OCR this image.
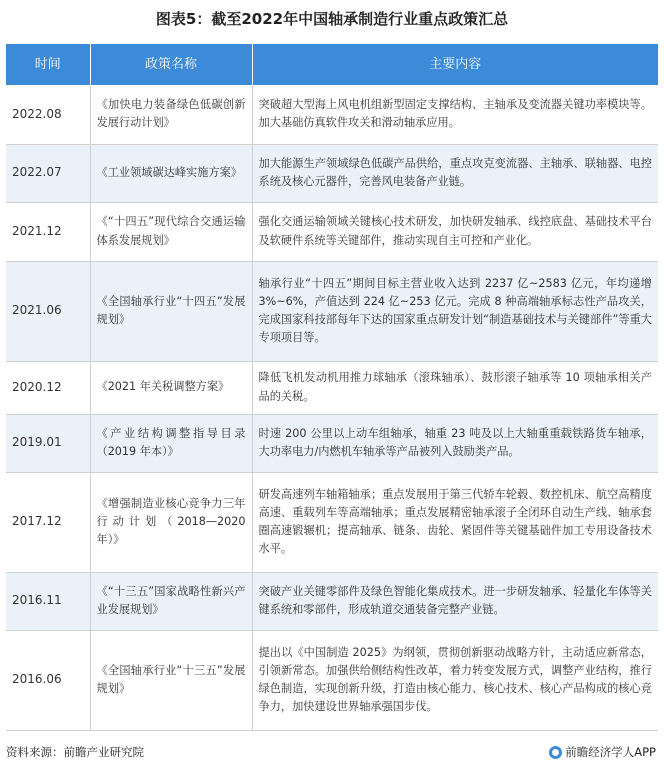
图表5：截至2022年中国轴承制造行业重点政策汇总
时间	政策名称	主要内容
2022.08	《加快电力装备绿色低碳创新发展行动计划》	突破超大型海上风电机组新型固定支撑结构、主轴承及变流器关键功率模块等。加大基础仿真软件攻关和滑动轴承应用。
2022.07	《工业领域碳达峰实施方案》	加大能源生产领域绿色低碳产品供给，重点攻克变流器、主轴承、联轴器、电控系统及核心元器件，完善风电装备产业链。
2021.12	《“十四五”现代综合交通运输体系发展规划》	强化交通运输领域关键核心技术研发，加快研发轴承、线控底盘、基础技术平台及软硬件系统等关键部件，推动实现自主可控和产业化。
2021.06	《全国轴承行业“十四五”发展规划》	轴承行业“十四五”期间目标主营业收入达到 2237 亿~2583 亿元，年均递增 3%~6%，产值达到 224 亿~253 亿元。完成 8 种高端轴承标志性产品攻关，完成国家科技部每年下达的国家重点研发计划“制造基础技术与关键部件”等重大专项项目等。
2020.12	《2021 年关税调整方案》	降低飞机发动机用推力球轴承（滚珠轴承）、鼓形滚子轴承等 10 项轴承相关产品的关税。
2019.01	《产业结构调整指导目录（2019 年本）》	时速 200 公里以上动车组轴承，轴重 23 吨及以上大轴重重载铁路货车轴承，大功率电力/内燃机车轴承等产品被列入鼓励类产品。
2017.12	《增强制造业核心竞争力三年行动计划（2018—2020 年）》	研发高速列车轴箱轴承；重点发展用于第三代轿车轮毂、数控机床、航空高精度高速、重载列车等高端轴承；重点发展精密轴承滚子全闭环自动生产线、轴承套圈高速锻辗机；提高轴承、链条、齿轮、紧固件等关键基础件加工专用设备技术水平。
2016.11	《“十三五”国家战略性新兴产业发展规划》	突破产业关键零部件及绿色智能化集成技术。进一步研发轴承、轻量化车体等关键系统和零部件，形成轨道交通装备完整产业链。
2016.06	《全国轴承行业“十三五”发展规划》	提出以《中国制造 2025》为纲领，贯彻创新驱动战略方针，主动适应新常态，引领新常态。加强供给侧结构性改革，着力转变发展方式，调整产业结构，推行绿色制造，实现创新升级，打造由核心能力、核心技术、核心产品构成的核心竞争力，加快建设世界轴承强国步伐。
资料来源：前瞻产业研究院	前瞻经济学人APP
